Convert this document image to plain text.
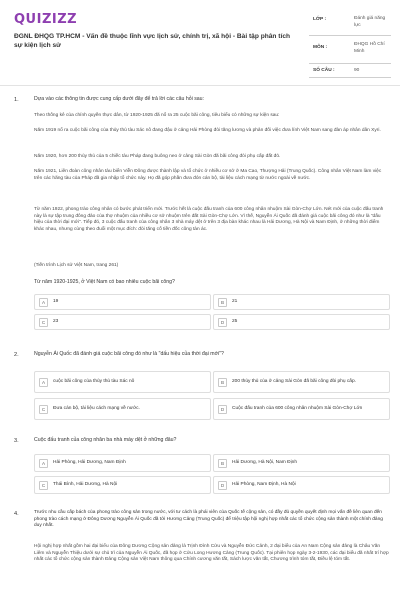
QUIZIZZ
ĐGNL ĐHQG TP.HCM - Vấn đề thuộc lĩnh vực lịch sử, chính trị, xã hội - Bài tập phân tích sự kiện lịch sử
LỚP :	Đánh giá năng lực
MÔN :
ĐHQG Hồ Chí Minh
SỐ CÂU :	90
1.	Dựa vào các thông tin được cung cấp dưới đây để trả lời các câu hỏi sau:
Theo thống kê của chính quyền thực dân, từ 1920-1925 đã nổ ra 25 cuộc bãi công, tiêu biểu có những sự kiện sau:
Năm 1919 nổ ra cuộc bãi công của thủy thủ tàu Sác nô đang đậu ở cảng Hải Phòng đòi tăng lương và phản đối việc đưa lính Việt Nam sang đàn áp nhân dân Xyri.
Năm 1920, hơn 200 thủy thủ của 5 chiếc tàu Pháp đang buông neo ở cảng Sài Gòn đã bãi công đòi phụ cấp đắt đỏ.
Năm 1921, Liên đoàn công nhân tàu biển Viễn Đông được thành lập và tổ chức ở nhiều cơ sở ở Ma Cao, Thượng Hải (Trung Quốc). Công nhân Việt Nam làm việc trên các hãng tàu của Pháp đã gia nhập tổ chức này. Họ đã góp phần đưa đón cán bộ, tài liệu cách mạng từ nước ngoài về nước.
Từ năm 1922, phong trào công nhân có bước phát triển mới. Trước hết là cuộc đấu tranh của 600 công nhân nhuộm Sài Gòn-Chợ Lớn. Nét mới của cuộc đấu tranh này là sự tập trung đông đảo của thợ nhuộm của nhiều cơ sở nhuộm trên đất Sài Gòn-Chợ Lớn. Vì thế, Nguyễn Ái Quốc đã đánh giá cuộc bãi công đó như là "dấu hiệu của thời đại mới". Tiếp đó, 3 cuộc đấu tranh của công nhân 3 nhà máy dệt ở trên 3 địa bàn khác nhau là Hải Dương, Hà Nội và Nam Định, ở những thời điểm khác nhau, nhưng cùng theo đuổi một mục đích: đòi tăng cố tiền đốc công tàn ác.
(Tiến trình Lịch sử Việt Nam, trang 261)
Từ năm 1920-1925, ở Việt Nam có bao nhiêu cuộc bãi công?
A	19	B	21
C	23	D	25
2.	Nguyễn Ái Quốc đã đánh giá cuộc bãi công đó như là "dấu hiệu của thời đại mới"?
A	cuộc bãi công của thủy thủ tàu Sác nô	B	200 thủy thủ của ở cảng Sài Gòn đã bãi công đòi phụ cấp.
C	Đưa cán bộ, tài liệu cách mạng về nước.	D	Cuộc đấu tranh của 600 công nhân nhuộm Sài Gòn-Chợ Lớn
3.	Cuộc đấu tranh của công nhân ba nhà máy dệt ở những đâu?
A	Hải Phòng, Hải Dương, Nam Định	B	Hải Dương, Hà Nội, Nam Định
C	Thái Bình, Hải Dương, Hà Nội	D	Hải Phòng, Nam Định, Hà Nội
4.	Trước nhu cầu cấp bách của phong trào công sản trong nước, với tư cách là phái viên của Quốc tế cộng sản, có đầy đủ quyền quyết định mọi vấn đề liên quan đến phong trào cách mạng ở Đông Dương Nguyễn Ái Quốc đã tới Hương Cảng (Trung Quốc) để triệu tập hội nghị hợp nhất các tổ chức cộng sản thành một chính đảng duy nhất.
Hội nghị hợp nhất gồm hai đại biểu của Đông Dương Cộng sản đảng là Trịnh Đình Cửu và Nguyễn Đức Cảnh, 2 đại biểu của An Nam Cộng sản đảng là Châu Văn Liêm và Nguyễn Thiệu dưới sự chủ trì của Nguyễn Ái Quốc, đã họp ở Cửu Long Hương Cảng (Trung Quốc). Tại phiên họp ngày 3-2-1930, các đại biểu đã nhất trí hợp nhất các tổ chức cộng sản thành Đảng Cộng sản Việt Nam thông qua Chính cương văn tắt, Sách lược văn tắt, Chương trình tóm tắt, Điều lệ tóm tắt.
